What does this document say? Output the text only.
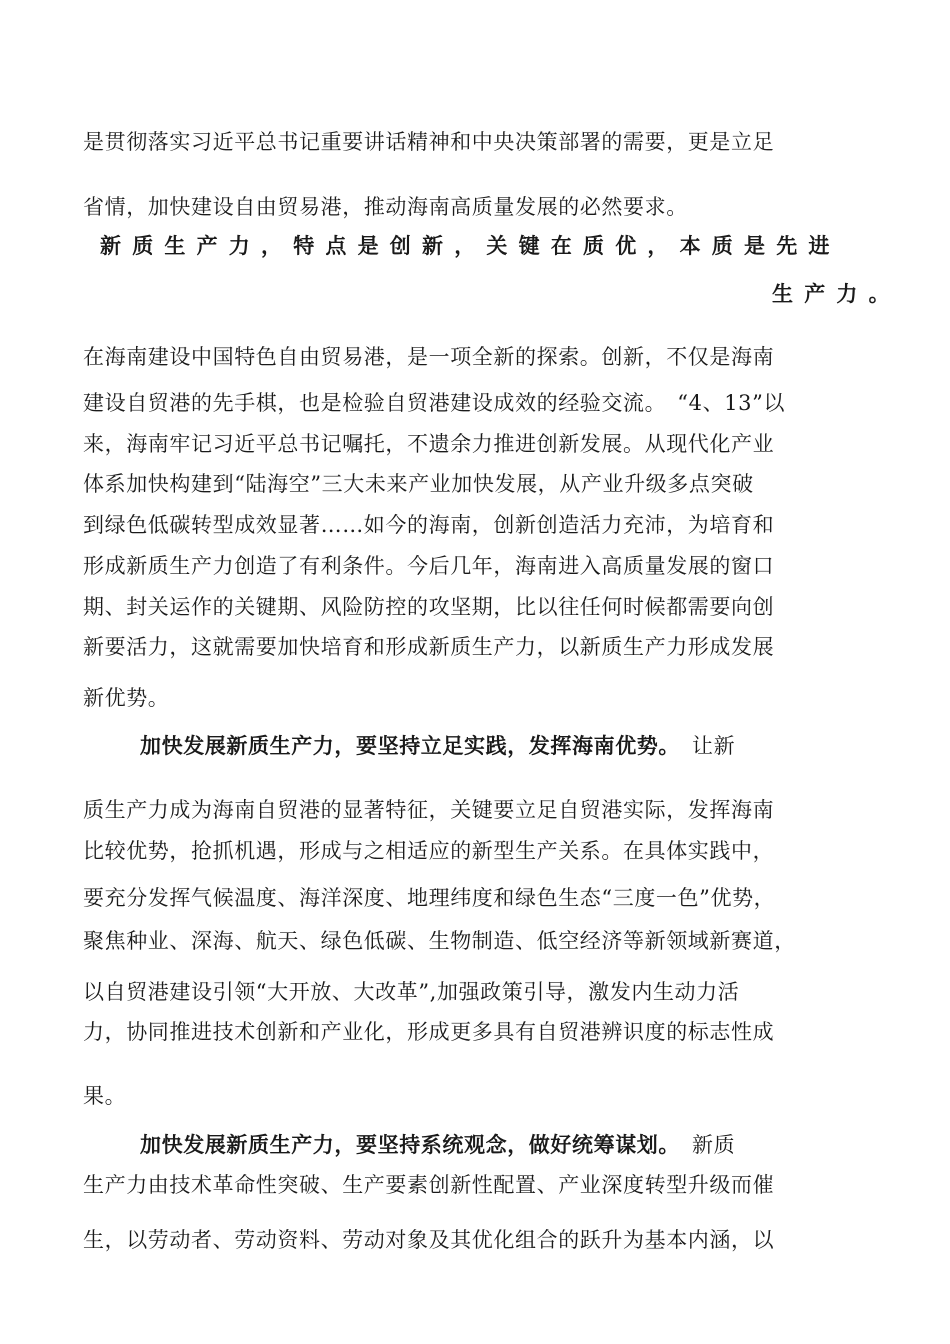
是贯彻落实习近平总书记重要讲话精神和中央决策部署的需要，更是立足
省情，加快建设自由贸易港，推动海南高质量发展的必然要求。
新质生产力，特点是创新，关键在质优，本质是先进
生产力。
在海南建设中国特色自由贸易港，是一项全新的探索。创新，不仅是海南
建设自贸港的先手棋，也是检验自贸港建设成效的经验交流。　“4、13”以
来，海南牢记习近平总书记嘱托，不遗余力推进创新发展。从现代化产业
体系加快构建到“陆海空”三大未来产业加快发展，从产业升级多点突破
到绿色低碳转型成效显著……如今的海南，创新创造活力充沛，为培育和
形成新质生产力创造了有利条件。今后几年，海南进入高质量发展的窗口
期、封关运作的关键期、风险防控的攻坚期，比以往任何时候都需要向创
新要活力，这就需要加快培育和形成新质生产力，以新质生产力形成发展
新优势。
加快发展新质生产力，要坚持立足实践，发挥海南优势。 让新
质生产力成为海南自贸港的显著特征，关键要立足自贸港实际，发挥海南
比较优势，抢抓机遇，形成与之相适应的新型生产关系。在具体实践中，
要充分发挥气候温度、海洋深度、地理纬度和绿色生态“三度一色”优势，
聚焦种业、深海、航天、绿色低碳、生物制造、低空经济等新领域新赛道，
以自贸港建设引领“大开放、大改革”,加强政策引导，激发内生动力活
力，协同推进技术创新和产业化，形成更多具有自贸港辨识度的标志性成
果。
加快发展新质生产力，要坚持系统观念，做好统筹谋划。 新质
生产力由技术革命性突破、生产要素创新性配置、产业深度转型升级而催
生，以劳动者、劳动资料、劳动对象及其优化组合的跃升为基本内涵，以
